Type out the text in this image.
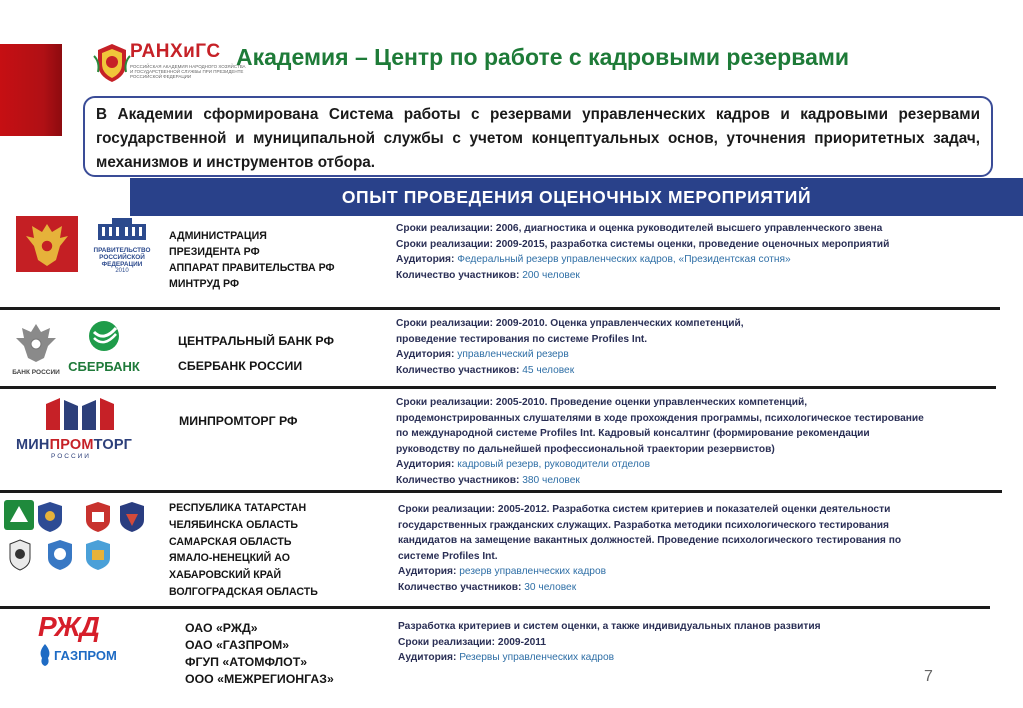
РАНХиГС
РОССИЙСКАЯ АКАДЕМИЯ НАРОДНОГО ХОЗЯЙСТВА И ГОСУДАРСТВЕННОЙ СЛУЖБЫ ПРИ ПРЕЗИДЕНТЕ РОССИЙСКОЙ ФЕДЕРАЦИИ
Академия – Центр по работе с кадровыми резервами
В Академии сформирована Система работы с резервами управленческих кадров и кадровыми резервами государственной и муниципальной службы с учетом концептуальных основ, уточнения приоритетных задач, механизмов и инструментов отбора.
ОПЫТ ПРОВЕДЕНИЯ ОЦЕНОЧНЫХ МЕРОПРИЯТИЙ
ПРАВИТЕЛЬСТВО РОССИЙСКОЙ ФЕДЕРАЦИИ
2010
АДМИНИСТРАЦИЯ
ПРЕЗИДЕНТА РФ
АППАРАТ ПРАВИТЕЛЬСТВА РФ
МИНТРУД РФ
Сроки реализации: 2006, диагностика и оценка руководителей высшего управленческого звена
Сроки реализации: 2009-2015, разработка системы оценки, проведение оценочных мероприятий
Аудитория: Федеральный резерв управленческих кадров, «Президентская сотня»
Количество участников: 200 человек
БАНК РОССИИ СБЕРБАНК
ЦЕНТРАЛЬНЫЙ БАНК РФ
СБЕРБАНК РОССИИ
Сроки реализации: 2009-2010. Оценка управленческих компетенций,
проведение тестирования по системе Profiles Int.
Аудитория: управленческий резерв
Количество участников: 45 человек
МИНПРОМТОРГ
РОССИИ
МИНПРОМТОРГ РФ
Сроки реализации: 2005-2010. Проведение оценки управленческих компетенций,
продемонстрированных слушателями в ходе прохождения программы, психологическое тестирование
по международной системе Profiles Int. Кадровый консалтинг (формирование рекомендации
руководству по дальнейшей профессиональной траектории резервистов)
Аудитория: кадровый резерв, руководители отделов
Количество участников: 380 человек
РЕСПУБЛИКА ТАТАРСТАН
ЧЕЛЯБИНСКА ОБЛАСТЬ
САМАРСКАЯ ОБЛАСТЬ
ЯМАЛО-НЕНЕЦКИЙ АО
ХАБАРОВСКИЙ КРАЙ
ВОЛГОГРАДСКАЯ ОБЛАСТЬ
Сроки реализации: 2005-2012. Разработка систем критериев и показателей оценки деятельности
государственных гражданских служащих. Разработка методики психологического тестирования
кандидатов на замещение вакантных должностей. Проведение психологического тестирования по
системе Profiles Int.
Аудитория: резерв управленческих кадров
Количество участников: 30 человек
РЖД
ГАЗПРОМ
ОАО «РЖД»
ОАО «ГАЗПРОМ»
ФГУП «АТОМФЛОТ»
ООО «МЕЖРЕГИОНГАЗ»
Разработка критериев и систем оценки, а также индивидуальных планов развития
Сроки реализации: 2009-2011
Аудитория: Резервы управленческих кадров
7
